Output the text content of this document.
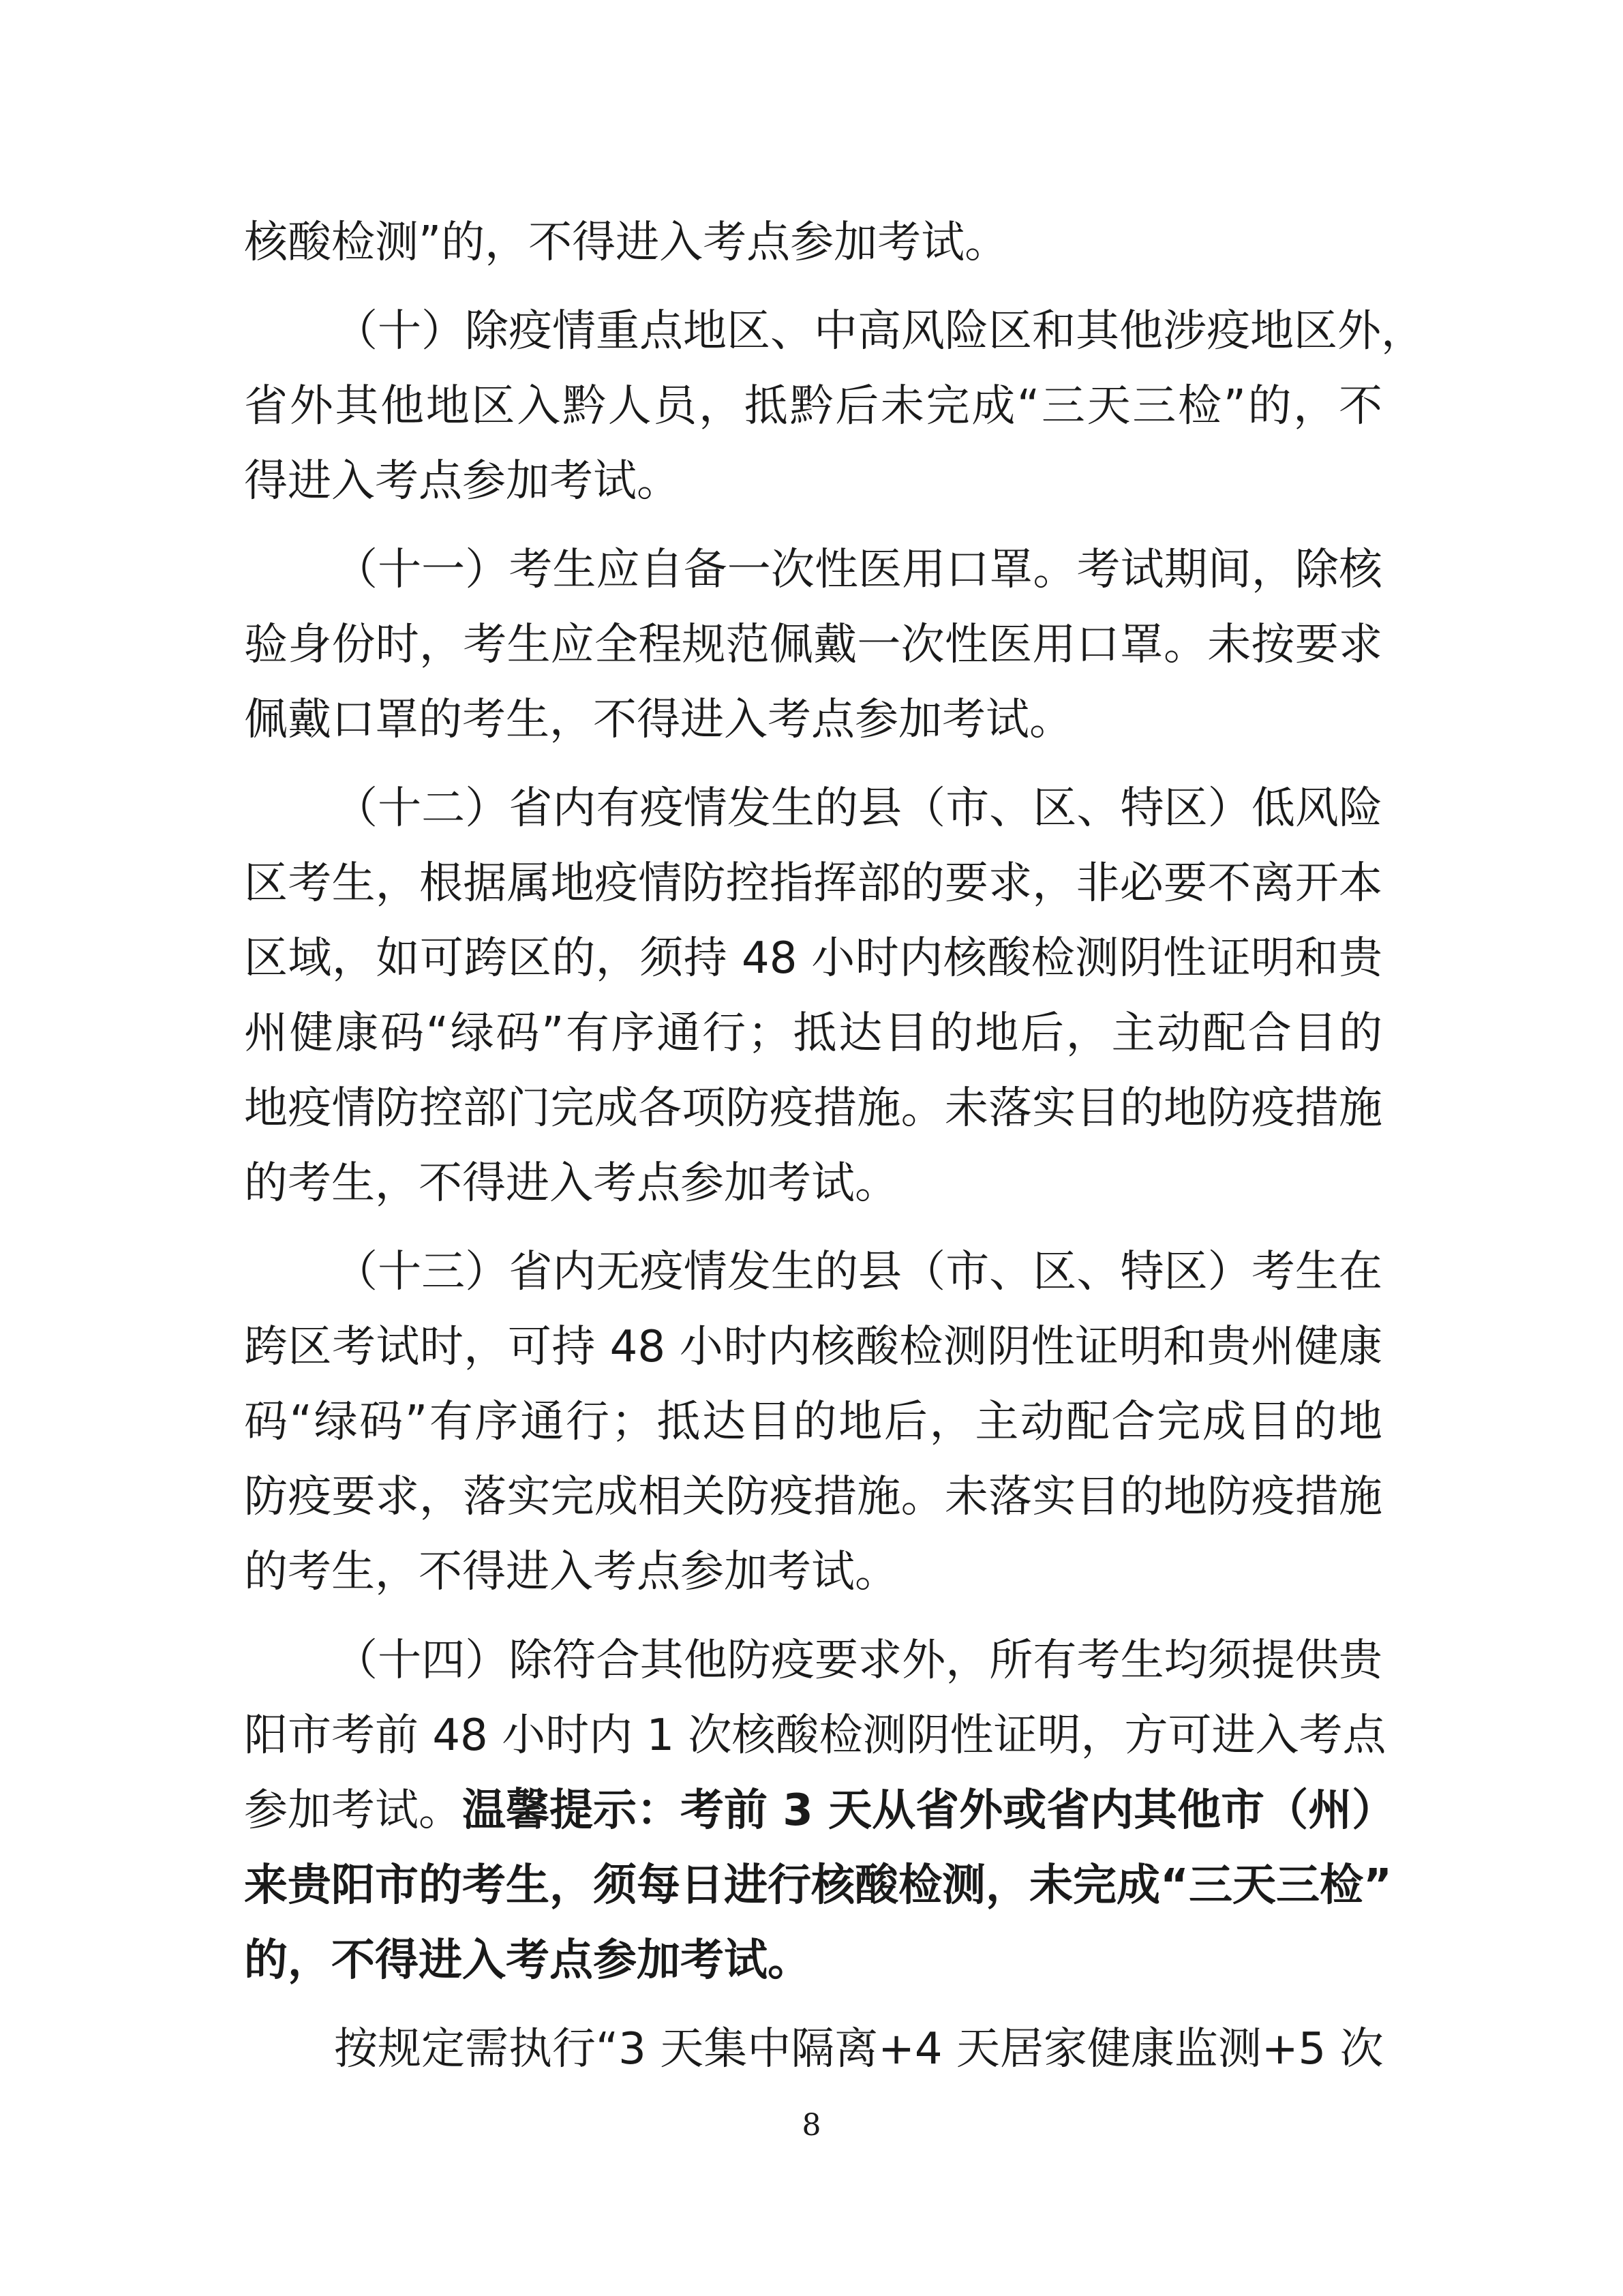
核酸检测”的，不得进入考点参加考试。
（十）除疫情重点地区、中高风险区和其他涉疫地区外，
省外其他地区入黔人员，抵黔后未完成“三天三检”的，不
得进入考点参加考试。
（十一）考生应自备一次性医用口罩。考试期间，除核
验身份时，考生应全程规范佩戴一次性医用口罩。未按要求
佩戴口罩的考生，不得进入考点参加考试。
（十二）省内有疫情发生的县（市、区、特区）低风险
区考生，根据属地疫情防控指挥部的要求，非必要不离开本
区域，如可跨区的，须持 48 小时内核酸检测阴性证明和贵
州健康码“绿码”有序通行；抵达目的地后，主动配合目的
地疫情防控部门完成各项防疫措施。未落实目的地防疫措施
的考生，不得进入考点参加考试。
（十三）省内无疫情发生的县（市、区、特区）考生在
跨区考试时，可持 48 小时内核酸检测阴性证明和贵州健康
码“绿码”有序通行；抵达目的地后，主动配合完成目的地
防疫要求，落实完成相关防疫措施。未落实目的地防疫措施
的考生，不得进入考点参加考试。
（十四）除符合其他防疫要求外，所有考生均须提供贵
阳市考前 48 小时内 1 次核酸检测阴性证明，方可进入考点
参加考试。温馨提示：考前 3 天从省外或省内其他市（州）
来贵阳市的考生，须每日进行核酸检测，未完成“三天三检”
的，不得进入考点参加考试。
按规定需执行“3 天集中隔离+4 天居家健康监测+5 次
8
